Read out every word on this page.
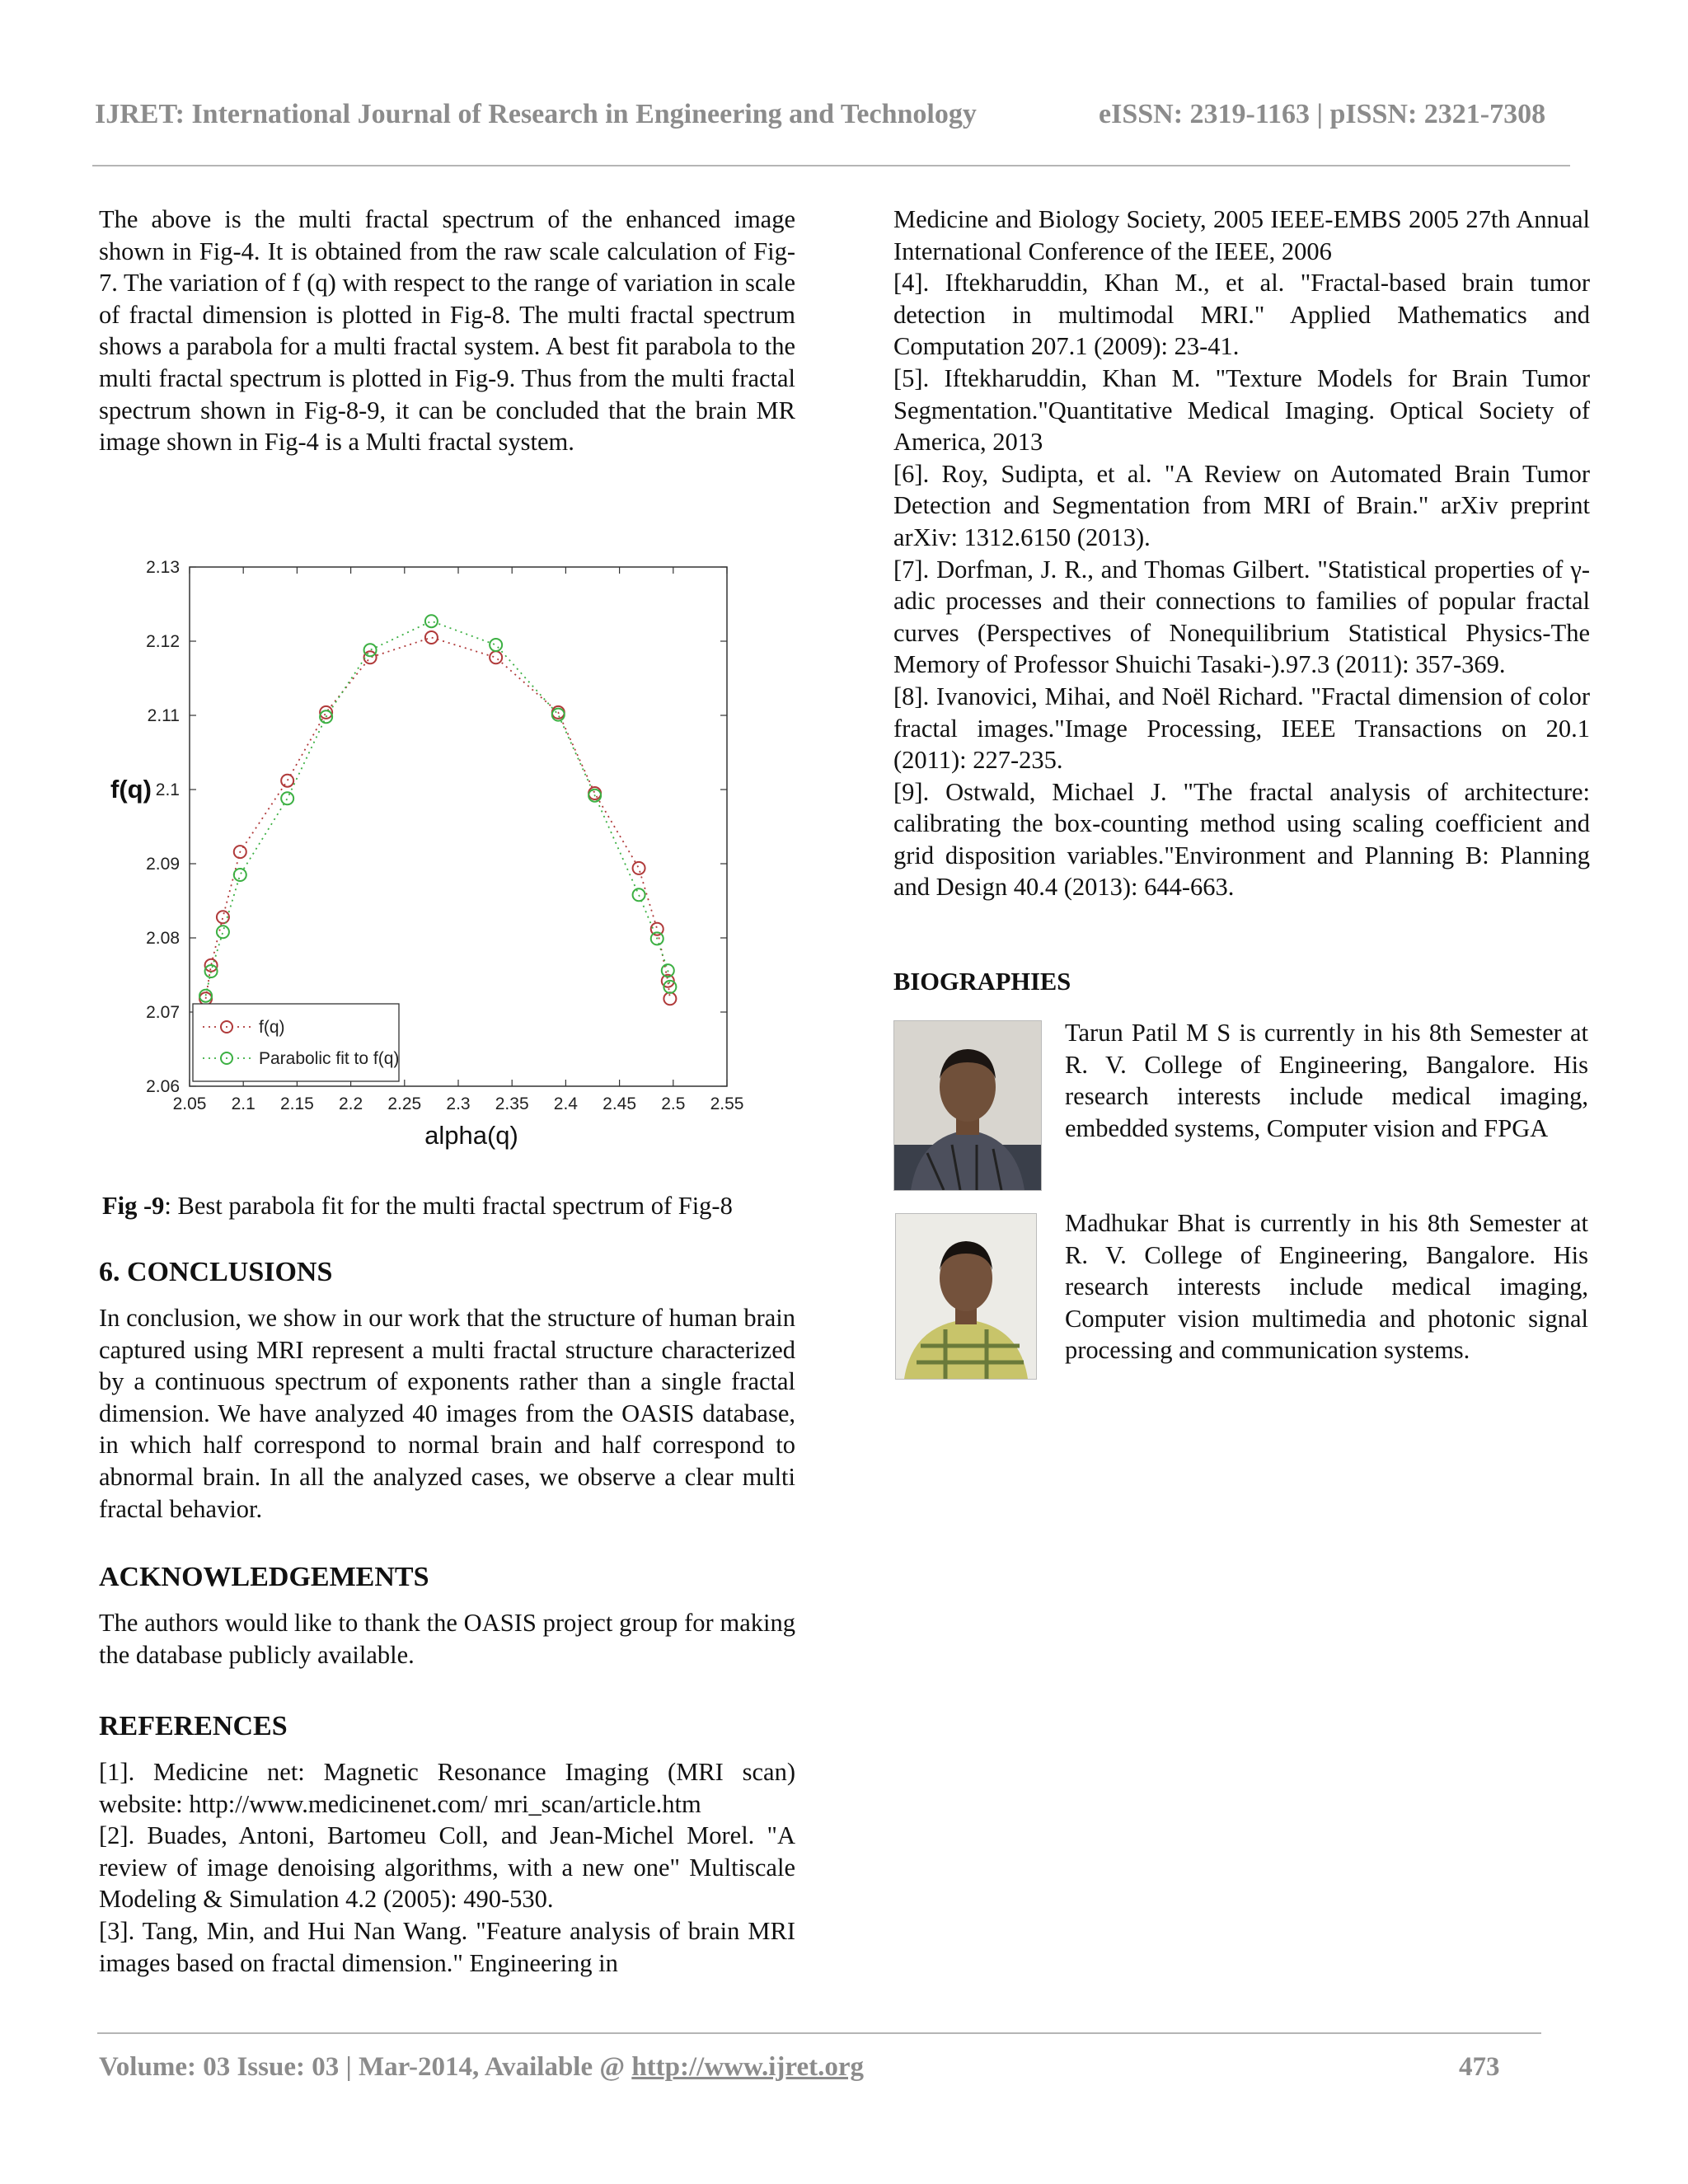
IJRET: International Journal of Research in Engineering and Technology	eISSN: 2319-1163 | pISSN: 2321-7308

The above is the multi fractal spectrum of the enhanced image shown in Fig-4. It is obtained from the raw scale calculation of Fig-7. The variation of f (q) with respect to the range of variation in scale of fractal dimension is plotted in Fig-8. The multi fractal spectrum shows a parabola for a multi fractal system. A best fit parabola to the multi fractal spectrum is plotted in Fig-9. Thus from the multi fractal spectrum shown in Fig-8-9, it can be concluded that the brain MR image shown in Fig-4 is a Multi fractal system.

2.05 2.1 2.15 2.2 2.25 2.3 2.35 2.4 2.45 2.5 2.55
2.06
2.07
2.08
2.09
2.1
2.11
2.12
2.13
alpha(q)
f(q)
f(q)
Parabolic fit to f(q)
Fig -9: Best parabola fit for the multi fractal spectrum of Fig-8
6. CONCLUSIONS

In conclusion, we show in our work that the structure of human brain captured using MRI represent a multi fractal structure characterized by a continuous spectrum of exponents rather than a single fractal dimension. We have analyzed 40 images from the OASIS database, in which half correspond to normal brain and half correspond to abnormal brain. In all the analyzed cases, we observe a clear multi fractal behavior.

ACKNOWLEDGEMENTS

The authors would like to thank the OASIS project group for making the database publicly available.

REFERENCES

[1]. Medicine net: Magnetic Resonance Imaging (MRI scan) website: http://www.medicinenet.com/ mri_scan/article.htm

[2]. Buades, Antoni, Bartomeu Coll, and Jean-Michel Morel. "A review of image denoising algorithms, with a new one" Multiscale Modeling & Simulation 4.2 (2005): 490-530.

[3]. Tang, Min, and Hui Nan Wang. "Feature analysis of brain MRI images based on fractal dimension." Engineering in

Medicine and Biology Society, 2005 IEEE-EMBS 2005 27th Annual International Conference of the IEEE, 2006

[4]. Iftekharuddin, Khan M., et al. "Fractal-based brain tumor detection in multimodal MRI." Applied Mathematics and Computation 207.1 (2009): 23-41.

[5]. Iftekharuddin, Khan M. "Texture Models for Brain Tumor Segmentation."Quantitative Medical Imaging. Optical Society of America, 2013

[6]. Roy, Sudipta, et al. "A Review on Automated Brain Tumor Detection and Segmentation from MRI of Brain." arXiv preprint arXiv: 1312.6150 (2013).

[7]. Dorfman, J. R., and Thomas Gilbert. "Statistical properties of γ-adic processes and their connections to families of popular fractal curves (Perspectives of Nonequilibrium Statistical Physics-The Memory of Professor Shuichi Tasaki-).97.3 (2011): 357-369.

[8]. Ivanovici, Mihai, and Noël Richard. "Fractal dimension of color fractal images."Image Processing, IEEE Transactions on 20.1 (2011): 227-235.

[9]. Ostwald, Michael J. "The fractal analysis of architecture: calibrating the box-counting method using scaling coefficient and grid disposition variables."Environment and Planning B: Planning and Design 40.4 (2013): 644-663.

BIOGRAPHIES

Tarun Patil M S is currently in his 8th Semester at R. V. College of Engineering, Bangalore. His research interests include medical imaging, embedded systems, Computer vision and FPGA

Madhukar Bhat is currently in his 8th Semester at R. V. College of Engineering, Bangalore. His research interests include medical imaging, Computer vision multimedia and photonic signal processing and communication systems.

Volume: 03 Issue: 03 | Mar-2014, Available @ http://www.ijret.org	473
